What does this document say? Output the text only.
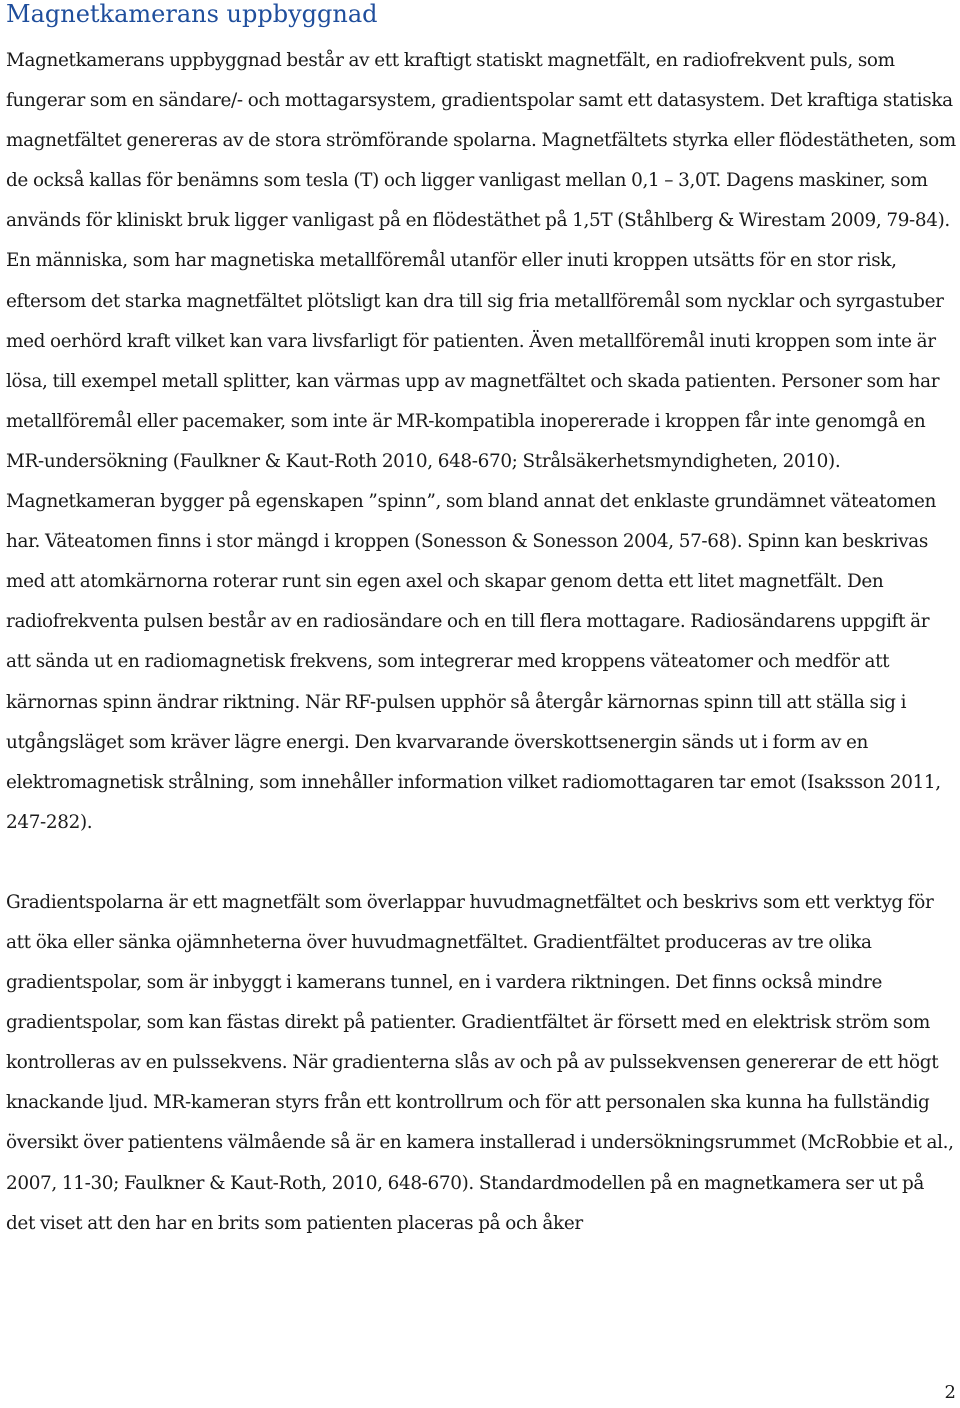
Magnetkamerans uppbyggnad

Magnetkamerans uppbyggnad består av ett kraftigt statiskt magnetfält, en radiofrekvent puls, som fungerar som en sändare/- och mottagarsystem, gradientspolar samt ett datasystem. Det kraftiga statiska magnetfältet genereras av de stora strömförande spolarna. Magnetfältets styrka eller flödestätheten, som de också kallas för benämns som tesla (T) och ligger vanligast mellan 0,1 – 3,0T. Dagens maskiner, som används för kliniskt bruk ligger vanligast på en flödestäthet på 1,5T (Ståhlberg & Wirestam 2009, 79-84). En människa, som har magnetiska metallföremål utanför eller inuti kroppen utsätts för en stor risk, eftersom det starka magnetfältet plötsligt kan dra till sig fria metallföremål som nycklar och syrgastuber med oerhörd kraft vilket kan vara livsfarligt för patienten. Även metallföremål inuti kroppen som inte är lösa, till exempel metall splitter, kan värmas upp av magnetfältet och skada patienten. Personer som har metallföremål eller pacemaker, som inte är MR-kompatibla inopererade i kroppen får inte genomgå en MR-undersökning (Faulkner & Kaut-Roth 2010, 648-670; Strålsäkerhetsmyndigheten, 2010). Magnetkameran bygger på egenskapen ”spinn”, som bland annat det enklaste grundämnet väteatomen har. Väteatomen finns i stor mängd i kroppen (Sonesson & Sonesson 2004, 57-68). Spinn kan beskrivas med att atomkärnorna roterar runt sin egen axel och skapar genom detta ett litet magnetfält. Den radiofrekventa pulsen består av en radiosändare och en till flera mottagare. Radiosändarens uppgift är att sända ut en radiomagnetisk frekvens, som integrerar med kroppens väteatomer och medför att kärnornas spinn ändrar riktning. När RF-pulsen upphör så återgår kärnornas spinn till att ställa sig i utgångsläget som kräver lägre energi. Den kvarvarande överskottsenergin sänds ut i form av en elektromagnetisk strålning, som innehåller information vilket radiomottagaren tar emot (Isaksson 2011, 247-282).

Gradientspolarna är ett magnetfält som överlappar huvudmagnetfältet och beskrivs som ett verktyg för att öka eller sänka ojämnheterna över huvudmagnetfältet. Gradientfältet produceras av tre olika gradientspolar, som är inbyggt i kamerans tunnel, en i vardera riktningen. Det finns också mindre gradientspolar, som kan fästas direkt på patienter. Gradientfältet är försett med en elektrisk ström som kontrolleras av en pulssekvens. När gradienterna slås av och på av pulssekvensen genererar de ett högt knackande ljud. MR-kameran styrs från ett kontrollrum och för att personalen ska kunna ha fullständig översikt över patientens välmående så är en kamera installerad i undersökningsrummet (McRobbie et al., 2007, 11-30; Faulkner & Kaut-Roth, 2010, 648-670). Standardmodellen på en magnetkamera ser ut på det viset att den har en brits som patienten placeras på och åker

2
